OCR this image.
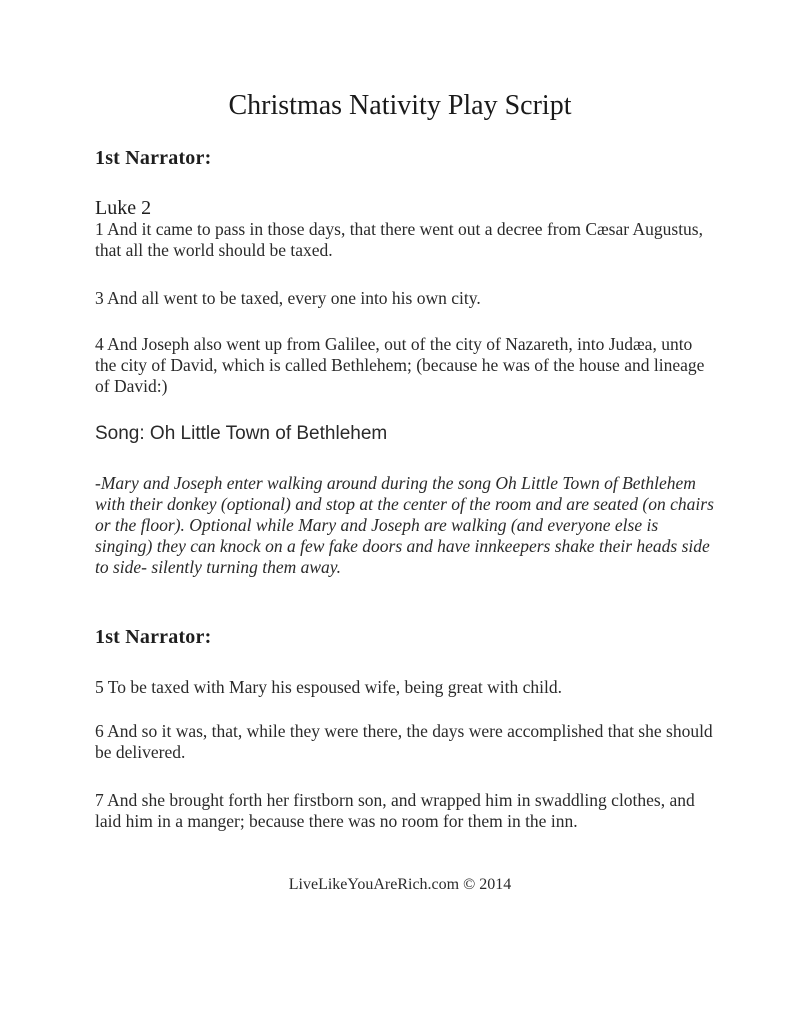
Christmas Nativity Play Script
1st Narrator:
Luke 2
1 And it came to pass in those days, that there went out a decree from Cæsar Augustus, that all the world should be taxed.
3 And all went to be taxed, every one into his own city.
4 And Joseph also went up from Galilee, out of the city of Nazareth, into Judæa, unto the city of David, which is called Bethlehem; (because he was of the house and lineage of David:)
Song: Oh Little Town of Bethlehem
-Mary and Joseph enter walking around during the song Oh Little Town of Bethlehem with their donkey (optional) and stop at the center of the room and are seated (on chairs or the floor). Optional while Mary and Joseph are walking (and everyone else is singing) they can knock on a few fake doors and have innkeepers shake their heads side to side- silently turning them away.
1st Narrator:
5 To be taxed with Mary his espoused wife, being great with child.
6 And so it was, that, while they were there, the days were accomplished that she should be delivered.
7 And she brought forth her firstborn son, and wrapped him in swaddling clothes, and laid him in a manger; because there was no room for them in the inn.
LiveLikeYouAreRich.com © 2014
